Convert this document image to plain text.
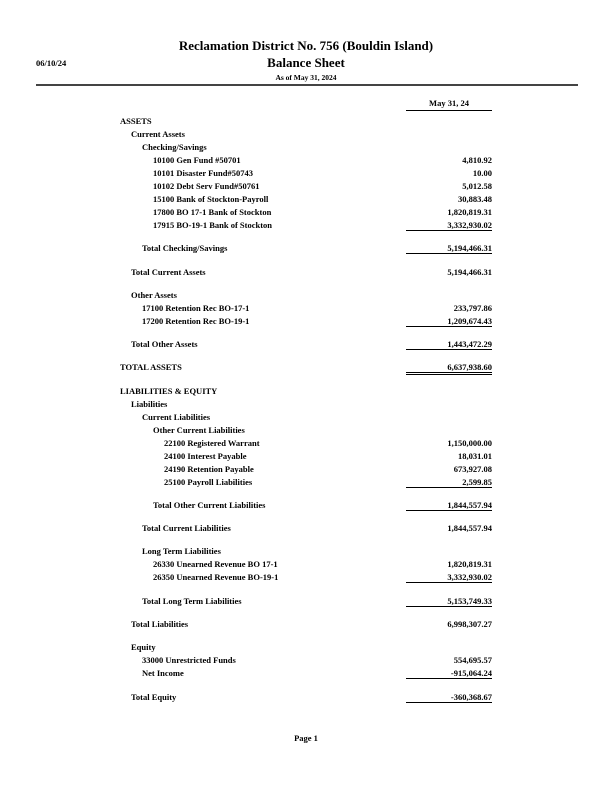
06/10/24
Reclamation District No. 756 (Bouldin Island)
Balance Sheet
As of May 31, 2024
May 31, 24
ASSETS
Current Assets
Checking/Savings
10100 Gen Fund #50701	4,810.92
10101 Disaster Fund#50743	10.00
10102 Debt Serv Fund#50761	5,012.58
15100 Bank of Stockton-Payroll	30,883.48
17800 BO 17-1 Bank of Stockton	1,820,819.31
17915 BO-19-1 Bank of Stockton	3,332,930.02
Total Checking/Savings	5,194,466.31
Total Current Assets	5,194,466.31
Other Assets
17100 Retention Rec BO-17-1	233,797.86
17200 Retention Rec BO-19-1	1,209,674.43
Total Other Assets	1,443,472.29
TOTAL ASSETS	6,637,938.60
LIABILITIES & EQUITY
Liabilities
Current Liabilities
Other Current Liabilities
22100 Registered Warrant	1,150,000.00
24100 Interest Payable	18,031.01
24190 Retention Payable	673,927.08
25100 Payroll Liabilities	2,599.85
Total Other Current Liabilities	1,844,557.94
Total Current Liabilities	1,844,557.94
Long Term Liabilities
26330 Unearned Revenue BO 17-1	1,820,819.31
26350 Unearned Revenue BO-19-1	3,332,930.02
Total Long Term Liabilities	5,153,749.33
Total Liabilities	6,998,307.27
Equity
33000 Unrestricted Funds	554,695.57
Net Income	-915,064.24
Total Equity	-360,368.67
Page 1
